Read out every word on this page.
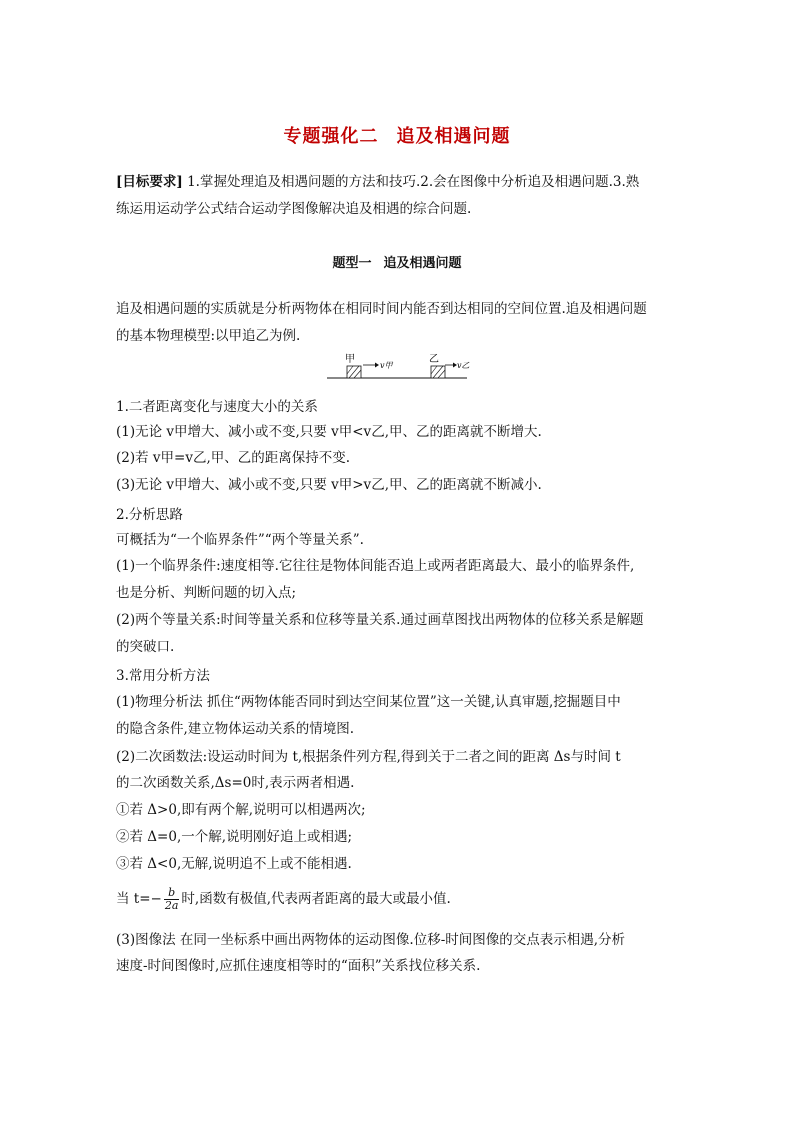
专题强化二 追及相遇问题
[目标要求] 1.掌握处理追及相遇问题的方法和技巧.2.会在图像中分析追及相遇问题.3.熟
练运用运动学公式结合运动学图像解决追及相遇的综合问题.
题型一 追及相遇问题
追及相遇问题的实质就是分析两物体在相同时间内能否到达相同的空间位置.追及相遇问题
的基本物理模型:以甲追乙为例.
甲
v甲
乙
v乙
1.二者距离变化与速度大小的关系
(1)无论 v甲增大、减小或不变,只要 v甲<v乙,甲、乙的距离就不断增大.
(2)若 v甲=v乙,甲、乙的距离保持不变.
(3)无论 v甲增大、减小或不变,只要 v甲>v乙,甲、乙的距离就不断减小.
2.分析思路
可概括为“一个临界条件”“两个等量关系”.
(1)一个临界条件:速度相等.它往往是物体间能否追上或两者距离最大、最小的临界条件,
也是分析、判断问题的切入点;
(2)两个等量关系:时间等量关系和位移等量关系.通过画草图找出两物体的位移关系是解题
的突破口.
3.常用分析方法
(1)物理分析法 抓住“两物体能否同时到达空间某位置”这一关键,认真审题,挖掘题目中
的隐含条件,建立物体运动关系的情境图.
(2)二次函数法:设运动时间为 t,根据条件列方程,得到关于二者之间的距离 Δs与时间 t
的二次函数关系,Δs=0时,表示两者相遇.
①若 Δ>0,即有两个解,说明可以相遇两次;
②若 Δ=0,一个解,说明刚好追上或相遇;
③若 Δ<0,无解,说明追不上或不能相遇.
当 $t=- \frac{b}{2a}$ 时,函数有极值,代表两者距离的最大或最小值.
(3)图像法 在同一坐标系中画出两物体的运动图像.位移-时间图像的交点表示相遇,分析
速度-时间图像时,应抓住速度相等时的“面积”关系找位移关系.
